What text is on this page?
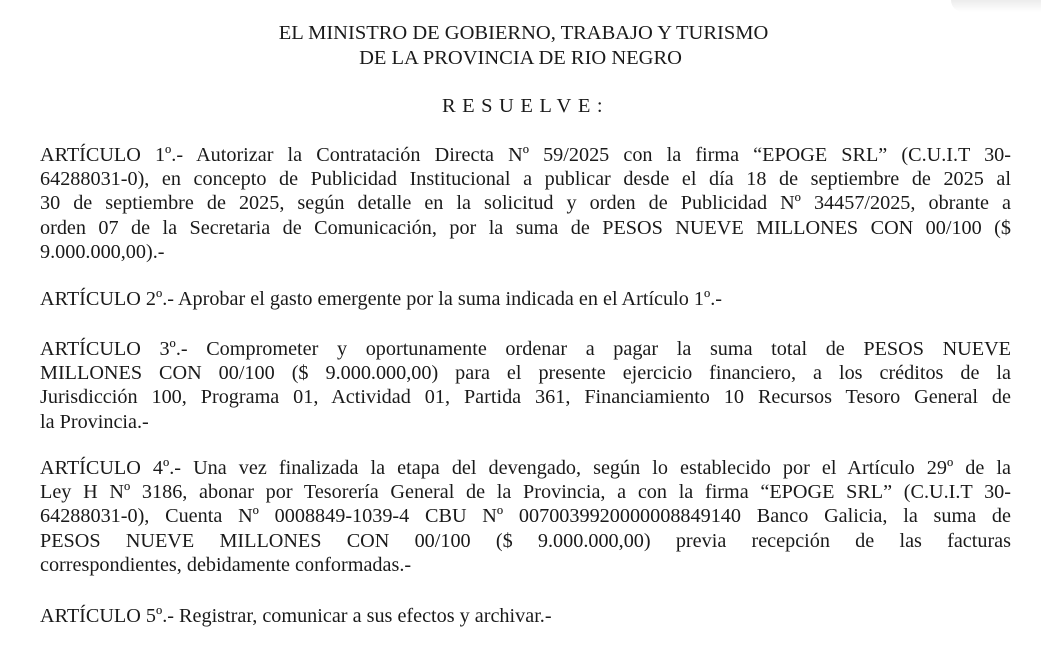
EL MINISTRO DE GOBIERNO, TRABAJO Y TURISMO
DE LA PROVINCIA DE RIO NEGRO
RESUELVE:
ARTÍCULO 1º.- Autorizar la Contratación Directa Nº 59/2025 con la firma “EPOGE SRL” (C.U.I.T 30-
64288031-0), en concepto de Publicidad Institucional a publicar desde el día 18 de septiembre de 2025 al
30 de septiembre de 2025, según detalle en la solicitud y orden de Publicidad Nº 34457/2025, obrante a
orden 07 de la Secretaria de Comunicación, por la suma de PESOS NUEVE MILLONES CON 00/100 ($
9.000.000,00).-
ARTÍCULO 2º.- Aprobar el gasto emergente por la suma indicada en el Artículo 1º.-
ARTÍCULO 3º.- Comprometer y oportunamente ordenar a pagar la suma total de PESOS NUEVE
MILLONES CON 00/100 ($ 9.000.000,00) para el presente ejercicio financiero, a los créditos de la
Jurisdicción 100, Programa 01, Actividad 01, Partida 361, Financiamiento 10 Recursos Tesoro General de
la Provincia.-
ARTÍCULO 4º.- Una vez finalizada la etapa del devengado, según lo establecido por el Artículo 29º de la
Ley H Nº 3186, abonar por Tesorería General de la Provincia, a con la firma “EPOGE SRL” (C.U.I.T 30-
64288031-0), Cuenta Nº 0008849-1039-4 CBU Nº 0070039920000008849140 Banco Galicia, la suma de
PESOS NUEVE MILLONES CON 00/100 ($ 9.000.000,00) previa recepción de las facturas
correspondientes, debidamente conformadas.-
ARTÍCULO 5º.- Registrar, comunicar a sus efectos y archivar.-
